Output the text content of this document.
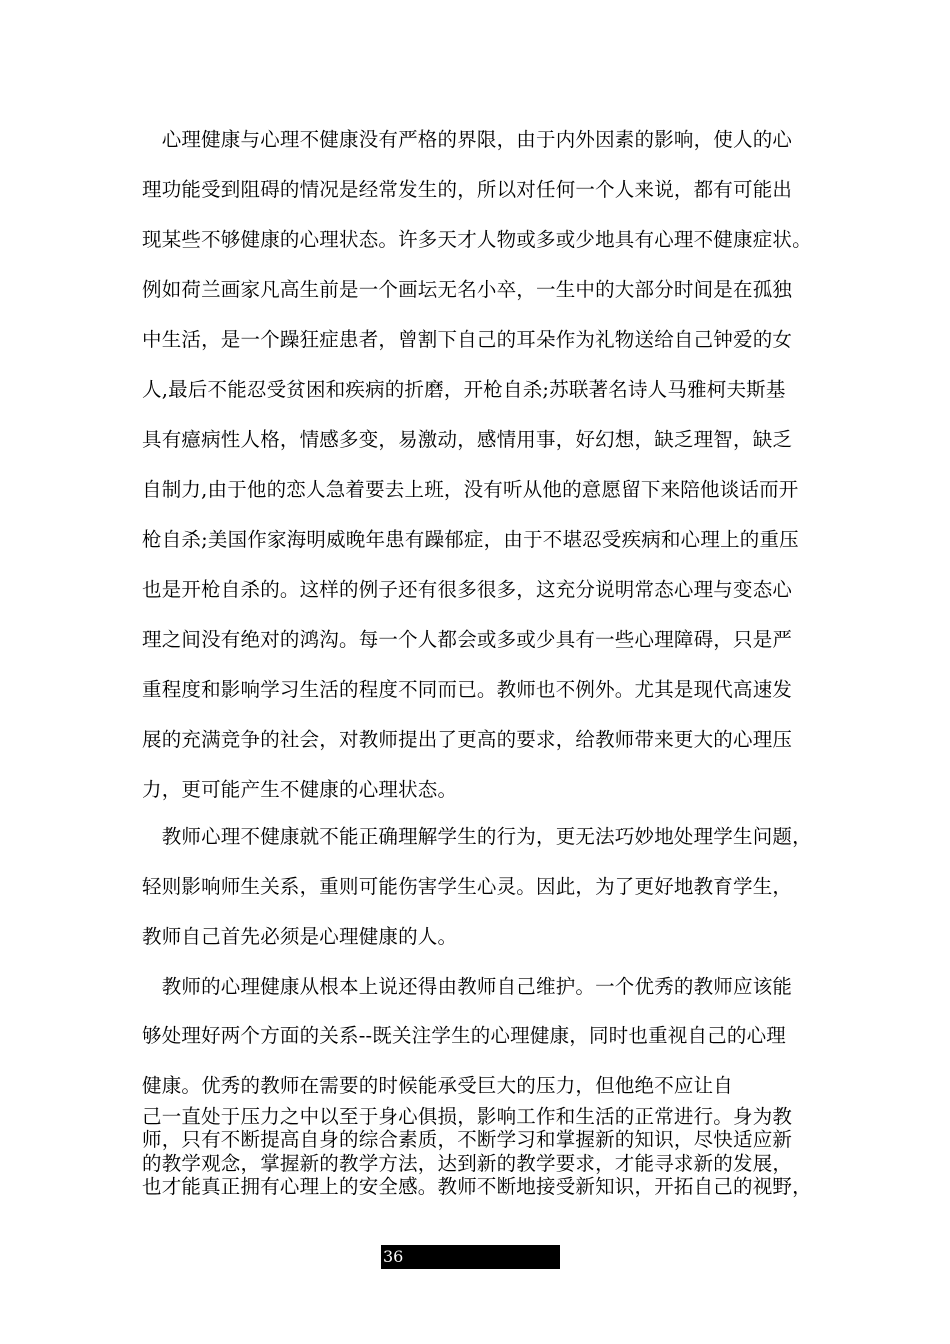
　心理健康与心理不健康没有严格的界限，由于内外因素的影响，使人的心
理功能受到阻碍的情况是经常发生的，所以对任何一个人来说，都有可能出
现某些不够健康的心理状态。许多天才人物或多或少地具有心理不健康症状。
例如荷兰画家凡高生前是一个画坛无名小卒，一生中的大部分时间是在孤独
中生活，是一个躁狂症患者，曾割下自己的耳朵作为礼物送给自己钟爱的女
人,最后不能忍受贫困和疾病的折磨，开枪自杀;苏联著名诗人马雅柯夫斯基
具有癔病性人格，情感多变，易激动，感情用事，好幻想，缺乏理智，缺乏
自制力,由于他的恋人急着要去上班，没有听从他的意愿留下来陪他谈话而开
枪自杀;美国作家海明威晚年患有躁郁症，由于不堪忍受疾病和心理上的重压
也是开枪自杀的。这样的例子还有很多很多，这充分说明常态心理与变态心
理之间没有绝对的鸿沟。每一个人都会或多或少具有一些心理障碍，只是严
重程度和影响学习生活的程度不同而已。教师也不例外。尤其是现代高速发
展的充满竞争的社会，对教师提出了更高的要求，给教师带来更大的心理压
力，更可能产生不健康的心理状态。
　教师心理不健康就不能正确理解学生的行为，更无法巧妙地处理学生问题，
轻则影响师生关系，重则可能伤害学生心灵。因此，为了更好地教育学生，
教师自己首先必须是心理健康的人。
　教师的心理健康从根本上说还得由教师自己维护。一个优秀的教师应该能
够处理好两个方面的关系--既关注学生的心理健康，同时也重视自己的心理
健康。优秀的教师在需要的时候能承受巨大的压力，但他绝不应让自
己一直处于压力之中以至于身心俱损，影响工作和生活的正常进行。身为教
师，只有不断提高自身的综合素质，不断学习和掌握新的知识，尽快适应新
的教学观念，掌握新的教学方法，达到新的教学要求，才能寻求新的发展，
也才能真正拥有心理上的安全感。教师不断地接受新知识，开拓自己的视野，
36
